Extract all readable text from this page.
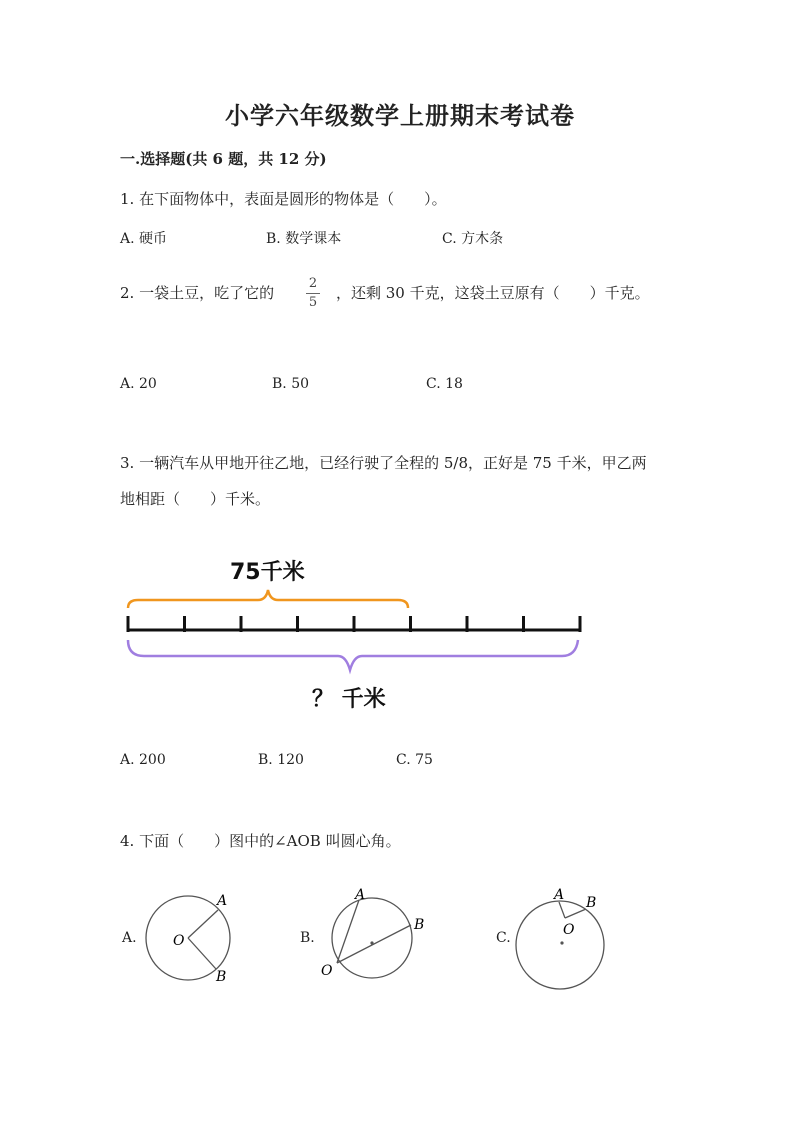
小学六年级数学上册期末考试卷
一.选择题(共 6 题，共 12 分)
1. 在下面物体中，表面是圆形的物体是（　　）。
A. 硬币	B. 数学课本	C. 方木条
2. 一袋土豆，吃了它的
2
5
，还剩 30 千克，这袋土豆原有（　　）千克。
A. 20	B. 50	C. 18
3. 一辆汽车从甲地开往乙地，已经行驶了全程的 5/8，正好是 75 千米，甲乙两
地相距（　　）千米。
75千米
？ 千米
A. 200	B. 120	C. 75
4. 下面（　　）图中的∠AOB 叫圆心角。
A.
A
O
B
B.
A
B
O
C.
A B
O
